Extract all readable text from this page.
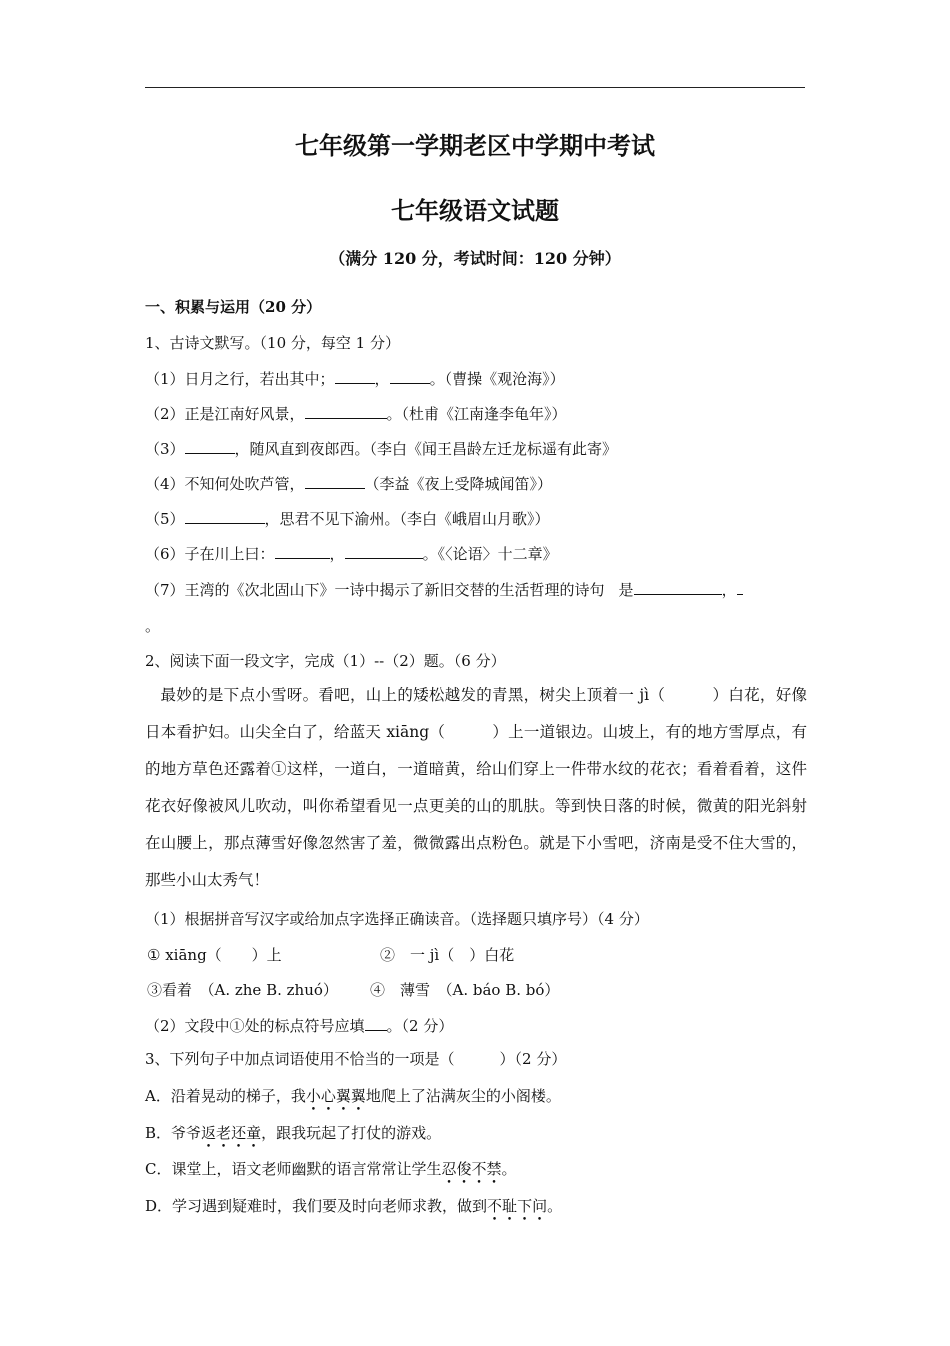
七年级第一学期老区中学期中考试
七年级语文试题
（满分 120 分，考试时间：120 分钟）
一、积累与运用（20 分）
1、古诗文默写。（10 分，每空 1 分）
（1）日月之行，若出其中；	，	。（曹操《观沧海》）
（2）正是江南好风景，	。（杜甫《江南逢李龟年》）
（3）	，随风直到夜郎西。（李白《闻王昌龄左迁龙标遥有此寄》
（4）不知何处吹芦管，	（李益《夜上受降城闻笛》）
（5）	，思君不见下渝州。（李白《峨眉山月歌》）
（6）子在川上曰：	，	。《〈论语〉十二章》
（7）王湾的《次北固山下》一诗中揭示了新旧交替的生活哲理的诗句 是	，
。
2、阅读下面一段文字，完成（1）--（2）题。（6 分）
最妙的是下点小雪呀。看吧，山上的矮松越发的青黑，树尖上顶着一 jì（　　　）白花，好像日本看护妇。山尖全白了，给蓝天 xiāng（　　　）上一道银边。山坡上，有的地方雪厚点，有的地方草色还露着①这样，一道白，一道暗黄，给山们穿上一件带水纹的花衣；看着看着，这件花衣好像被风儿吹动，叫你希望看见一点更美的山的肌肤。等到快日落的时候，微黄的阳光斜射在山腰上，那点薄雪好像忽然害了羞，微微露出点粉色。就是下小雪吧，济南是受不住大雪的，那些小山太秀气！
（1）根据拼音写汉字或给加点字选择正确读音。（选择题只填序号）（4 分）
① xiāng（　　）上	②　一 jì（　）白花
③看着　（A. zhe B. zhuó） ④　薄雪　（A. báo B. bó）
（2）文段中①处的标点符号应填 。（2 分）
3、下列句子中加点词语使用不恰当的一项是（　　　）（2 分）
A．沿着晃动的梯子，我小心翼翼地爬上了沾满灰尘的小阁楼。
B．爷爷返老还童，跟我玩起了打仗的游戏。
C．课堂上，语文老师幽默的语言常常让学生忍俊不禁。
D．学习遇到疑难时，我们要及时向老师求教，做到不耻下问。
